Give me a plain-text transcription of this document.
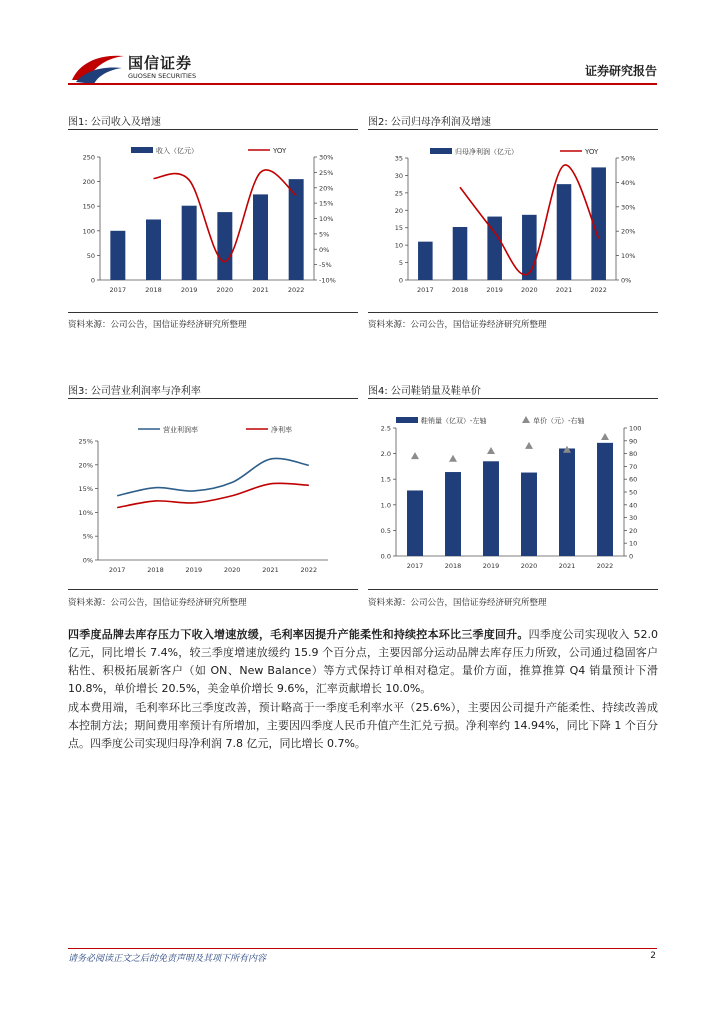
国信证券
GUOSEN SECURITIES	证券研究报告
图1: 公司收入及增速	图2: 公司归母净利润及增速
0
50
100
150
200
250
-10%
-5%
0%
5%
10%
15%
20%
25%
30%
2017	2018	2019	2020	2021	2022
收入（亿元）	YOY
0
5
10
15
20
25
30
35
0%
10%
20%
30%
40%
50%
2017	2018	2019	2020	2021	2022
归母净利润（亿元）	YOY
资料来源：公司公告，国信证券经济研究所整理	资料来源：公司公告，国信证券经济研究所整理
图3: 公司营业利润率与净利率	图4: 公司鞋销量及鞋单价
0%
5%
10%
15%
20%
25%
2017	2018	2019	2020	2021	2022
营业利润率	净利率
0.0
0.5
1.0
1.5
2.0
2.5
0
10
20
30
40
50
60
70
80
90
100
2017	2018	2019	2020	2021	2022
鞋销量（亿双）-左轴	单价（元）-右轴
资料来源：公司公告，国信证券经济研究所整理	资料来源：公司公告，国信证券经济研究所整理
四季度品牌去库存压力下收入增速放缓，毛利率因提升产能柔性和持续控本环比三季度回升。四季度公司实现收入 52.0 亿元，同比增长 7.4%，较三季度增速放缓约 15.9 个百分点，主要因部分运动品牌去库存压力所致，公司通过稳固客户粘性、积极拓展新客户（如 ON、New Balance）等方式保持订单相对稳定。量价方面，推算推算 Q4 销量预计下滑 10.8%，单价增长 20.5%，美金单价增长 9.6%，汇率贡献增长 10.0%。
成本费用端，毛利率环比三季度改善，预计略高于一季度毛利率水平（25.6%），主要因公司提升产能柔性、持续改善成本控制方法；期间费用率预计有所增加，主要因四季度人民币升值产生汇兑亏损。净利率约 14.94%，同比下降 1 个百分点。四季度公司实现归母净利润 7.8 亿元，同比增长 0.7%。
请务必阅读正文之后的免责声明及其项下所有内容	2
